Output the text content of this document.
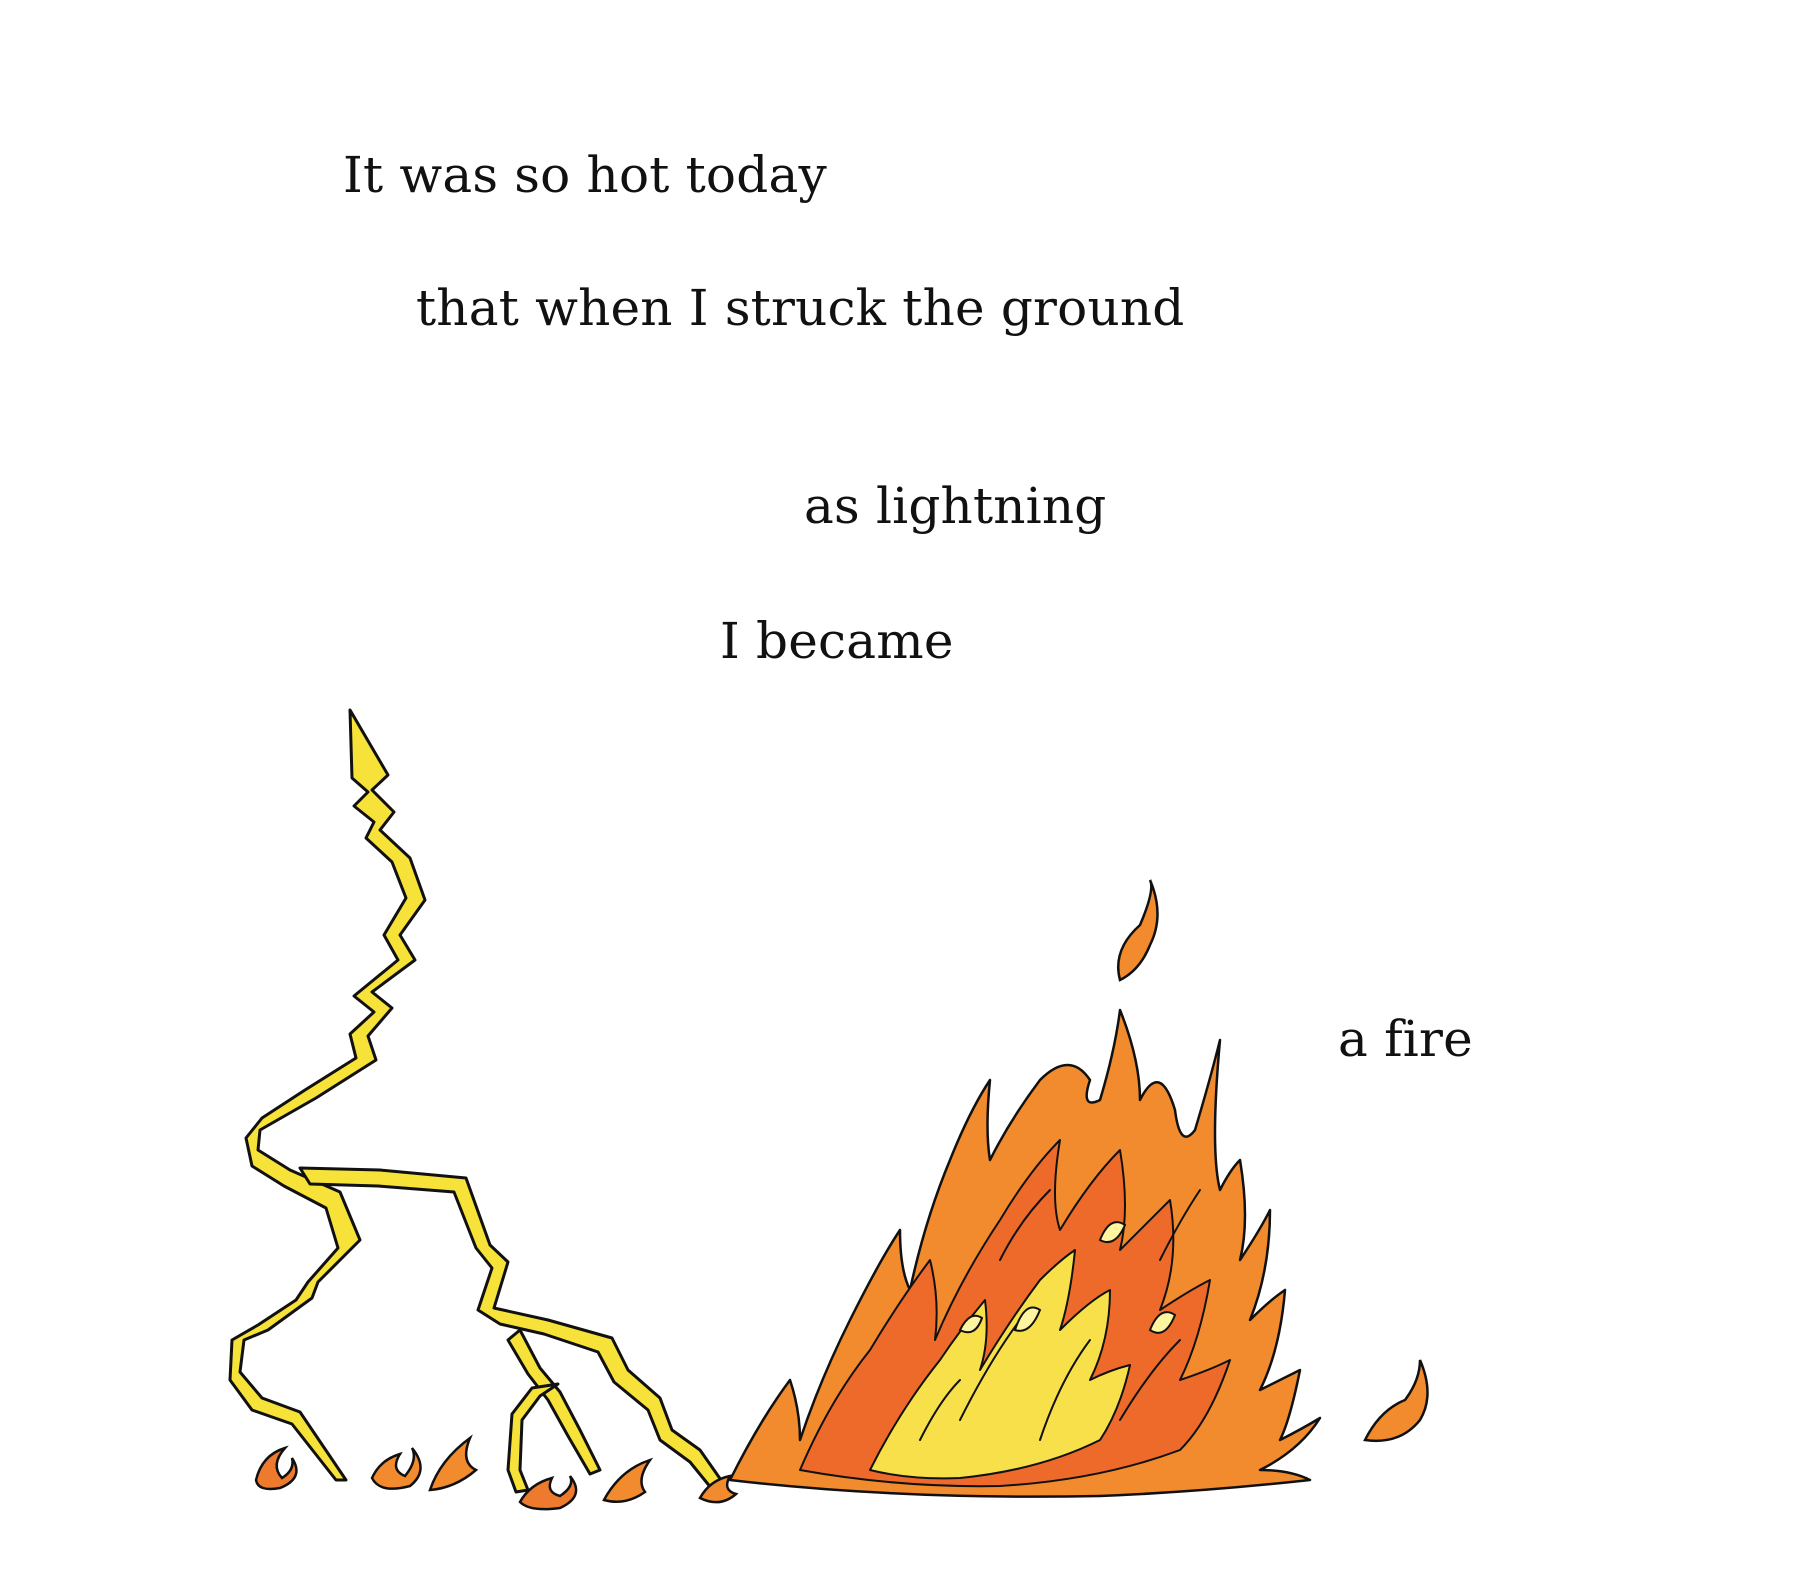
It was so hot today
that when I struck the ground
as lightning
I became
a fire
